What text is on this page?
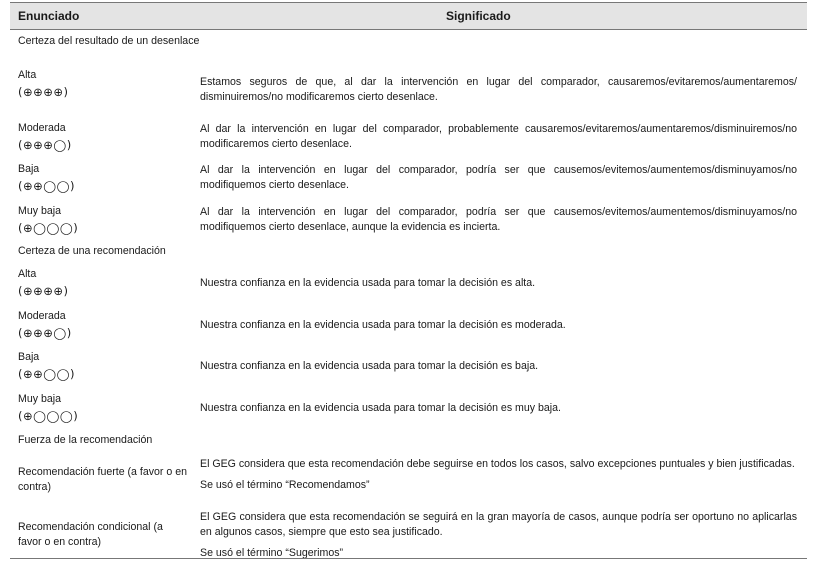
Enunciado	Significado
Certeza del resultado de un desenlace
Alta
(⊕⊕⊕⊕)

Estamos seguros de que, al dar la intervención en lugar del comparador, causaremos/evitaremos/aumentaremos/ disminuiremos/no modificaremos cierto desenlace.

Moderada
(⊕⊕⊕◯)

Al dar la intervención en lugar del comparador, probablemente causaremos/evitaremos/aumentaremos/disminuiremos/no modificaremos cierto desenlace.

Baja
(⊕⊕◯◯)

Al dar la intervención en lugar del comparador, podría ser que causemos/evitemos/aumentemos/disminuyamos/no modifiquemos cierto desenlace.

Muy baja
(⊕◯◯◯)

Al dar la intervención en lugar del comparador, podría ser que causemos/evitemos/aumentemos/disminuyamos/no modifiquemos cierto desenlace, aunque la evidencia es incierta.

Certeza de una recomendación
Alta
(⊕⊕⊕⊕)

Nuestra confianza en la evidencia usada para tomar la decisión es alta.

Moderada
(⊕⊕⊕◯)

Nuestra confianza en la evidencia usada para tomar la decisión es moderada.

Baja
(⊕⊕◯◯)

Nuestra confianza en la evidencia usada para tomar la decisión es baja.

Muy baja
(⊕◯◯◯)

Nuestra confianza en la evidencia usada para tomar la decisión es muy baja.

Fuerza de la recomendación
Recomendación fuerte (a favor o en contra)

El GEG considera que esta recomendación debe seguirse en todos los casos, salvo excepciones puntuales y bien justificadas.

Se usó el término “Recomendamos”

Recomendación condicional (a favor o en contra)

El GEG considera que esta recomendación se seguirá en la gran mayoría de casos, aunque podría ser oportuno no aplicarlas en algunos casos, siempre que esto sea justificado.

Se usó el término “Sugerimos”
